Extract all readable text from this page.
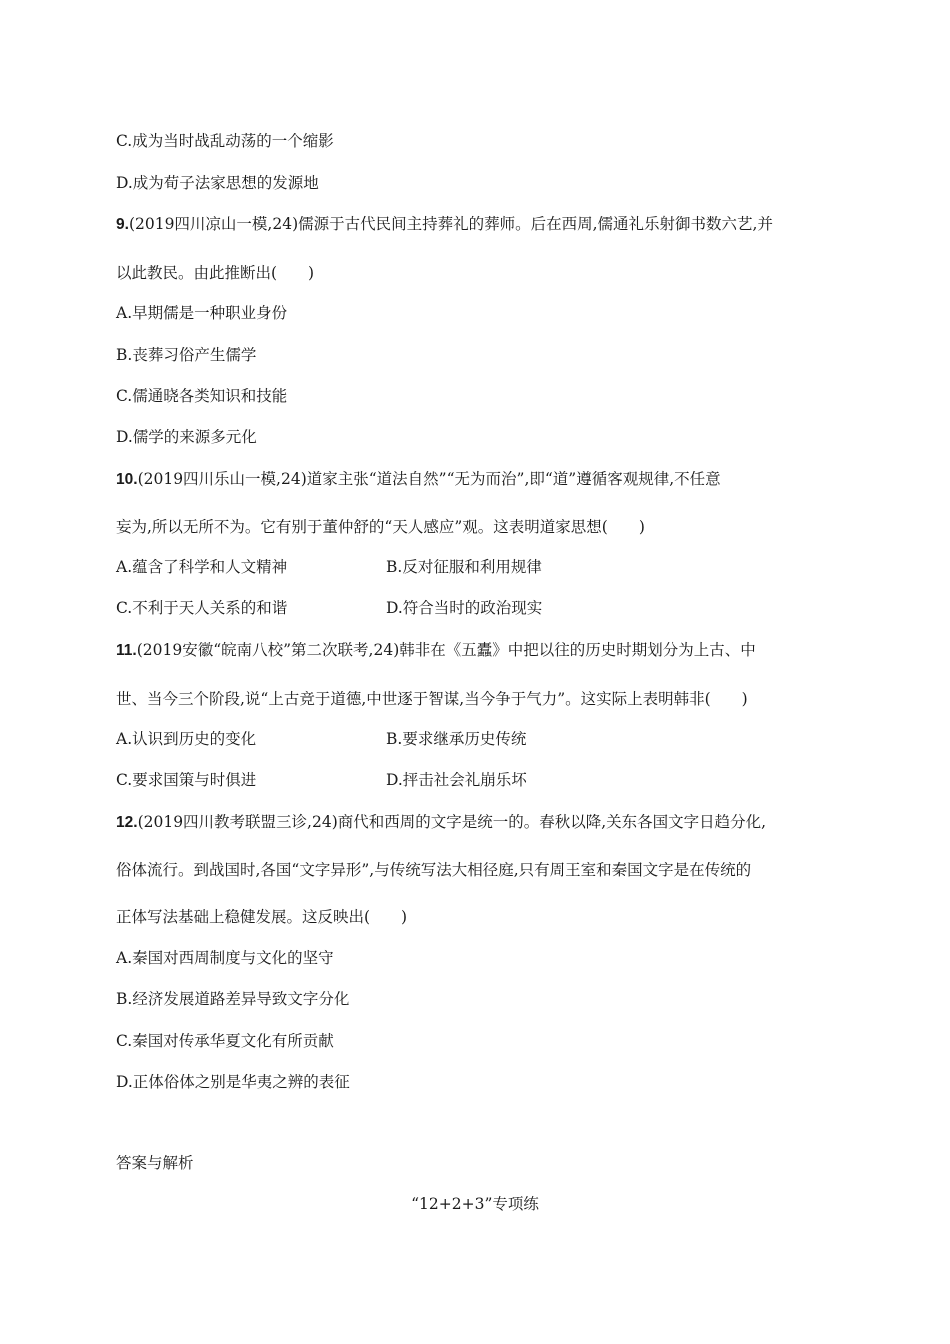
C.成为当时战乱动荡的一个缩影
D.成为荀子法家思想的发源地
9.(2019四川凉山一模,24)儒源于古代民间主持葬礼的葬师。后在西周,儒通礼乐射御书数六艺,并
以此教民。由此推断出(　　)
A.早期儒是一种职业身份
B.丧葬习俗产生儒学
C.儒通晓各类知识和技能
D.儒学的来源多元化
10.(2019四川乐山一模,24)道家主张“道法自然”“无为而治”,即“道”遵循客观规律,不任意
妄为,所以无所不为。它有别于董仲舒的“天人感应”观。这表明道家思想(　　)
A.蕴含了科学和人文精神	B.反对征服和利用规律
C.不利于天人关系的和谐	D.符合当时的政治现实
11.(2019安徽“皖南八校”第二次联考,24)韩非在《五蠹》中把以往的历史时期划分为上古、中
世、当今三个阶段,说“上古竞于道德,中世逐于智谋,当今争于气力”。这实际上表明韩非(　　)
A.认识到历史的变化	B.要求继承历史传统
C.要求国策与时俱进	D.抨击社会礼崩乐坏
12.(2019四川教考联盟三诊,24)商代和西周的文字是统一的。春秋以降,关东各国文字日趋分化,
俗体流行。到战国时,各国“文字异形”,与传统写法大相径庭,只有周王室和秦国文字是在传统的
正体写法基础上稳健发展。这反映出(　　)
A.秦国对西周制度与文化的坚守
B.经济发展道路差异导致文字分化
C.秦国对传承华夏文化有所贡献
D.正体俗体之别是华夷之辨的表征
答案与解析
“12+2+3”专项练
